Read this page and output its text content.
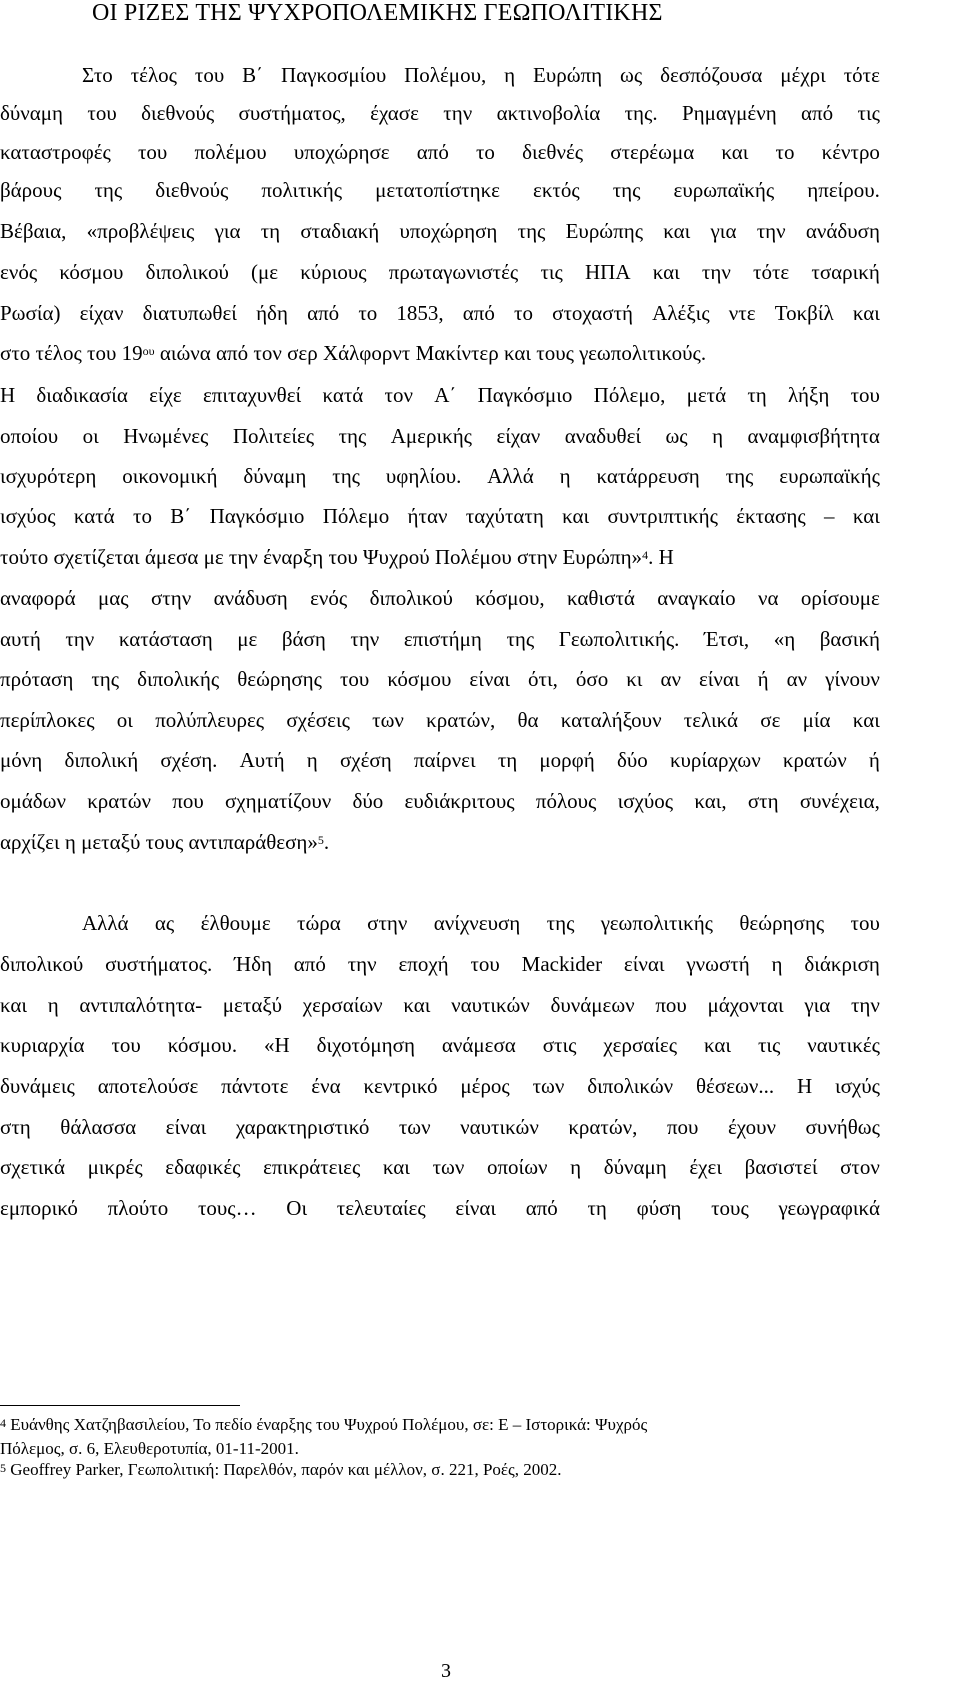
ΟΙ ΡΙΖΕΣ ΤΗΣ ΨΥΧΡΟΠΟΛΕΜΙΚΗΣ ΓΕΩΠΟΛΙΤΙΚΗΣ
Στο τέλος του Β΄ Παγκοσμίου Πολέμου, η Ευρώπη ως δεσπόζουσα μέχρι τότε
δύναμη του διεθνούς συστήματος, έχασε την ακτινοβολία της. Ρημαγμένη από τις
καταστροφές του πολέμου υποχώρησε από το διεθνές στερέωμα και το κέντρο
βάρους της διεθνούς πολιτικής μετατοπίστηκε εκτός της ευρωπαϊκής ηπείρου.
Βέβαια, «προβλέψεις για τη σταδιακή υποχώρηση της Ευρώπης και για την ανάδυση
ενός κόσμου διπολικού (με κύριους πρωταγωνιστές τις ΗΠΑ και την τότε τσαρική
Ρωσία) είχαν διατυπωθεί ήδη από το 1853, από το στοχαστή Αλέξις ντε Τοκβίλ και
στο τέλος του $19^{o\upsilon}$ αιώνα από τον σερ Χάλφορντ Μακίντερ και τους γεωπολιτικούς.
Η διαδικασία είχε επιταχυνθεί κατά τον Α΄ Παγκόσμιο Πόλεμο, μετά τη λήξη του
οποίου οι Ηνωμένες Πολιτείες της Αμερικής είχαν αναδυθεί ως η αναμφισβήτητα
ισχυρότερη οικονομική δύναμη της υφηλίου. Αλλά η κατάρρευση της ευρωπαϊκής
ισχύος κατά το Β΄ Παγκόσμιο Πόλεμο ήταν ταχύτατη και συντριπτικής έκτασης – και
τούτο σχετίζεται άμεσα με την έναρξη του Ψυχρού Πολέμου στην Ευρώπη»$^4$. Η
αναφορά μας στην ανάδυση ενός διπολικού κόσμου, καθιστά αναγκαίο να ορίσουμε
αυτή την κατάσταση με βάση την επιστήμη της Γεωπολιτικής. Έτσι, «η βασική
πρόταση της διπολικής θεώρησης του κόσμου είναι ότι, όσο κι αν είναι ή αν γίνουν
περίπλοκες οι πολύπλευρες σχέσεις των κρατών, θα καταλήξουν τελικά σε μία και
μόνη διπολική σχέση. Αυτή η σχέση παίρνει τη μορφή δύο κυρίαρχων κρατών ή
ομάδων κρατών που σχηματίζουν δύο ευδιάκριτους πόλους ισχύος και, στη συνέχεια,
αρχίζει η μεταξύ τους αντιπαράθεση»$^5$.
Αλλά ας έλθουμε τώρα στην ανίχνευση της γεωπολιτικής θεώρησης του
διπολικού συστήματος. Ήδη από την εποχή του Mackider είναι γνωστή η διάκριση
και η αντιπαλότητα- μεταξύ χερσαίων και ναυτικών δυνάμεων που μάχονται για την
κυριαρχία του κόσμου. «Η διχοτόμηση ανάμεσα στις χερσαίες και τις ναυτικές
δυνάμεις αποτελούσε πάντοτε ένα κεντρικό μέρος των διπολικών θέσεων... Η ισχύς
στη θάλασσα είναι χαρακτηριστικό των ναυτικών κρατών, που έχουν συνήθως
σχετικά μικρές εδαφικές επικράτειες και των οποίων η δύναμη έχει βασιστεί στον
εμπορικό πλούτο τους… Οι τελευταίες είναι από τη φύση τους γεωγραφικά
$^4$ Ευάνθης Χατζηβασιλείου, Το πεδίο έναρξης του Ψυχρού Πολέμου, σε: Ε – Ιστορικά: Ψυχρός
Πόλεμος, σ. 6, Ελευθεροτυπία, 01-11-2001.
$^5$ Geoffrey Parker, Γεωπολιτική: Παρελθόν, παρόν και μέλλον, σ. 221, Ροές, 2002.
3
